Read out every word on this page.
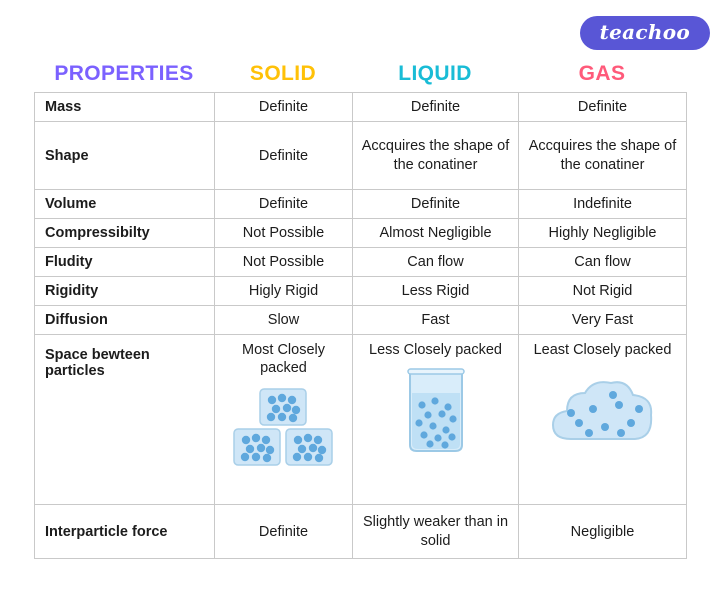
teachoo
PROPERTIES	SOLID	LIQUID	GAS
Mass	Definite	Definite	Definite
Shape	Definite	Accquires the shape of the conatiner	Accquires the shape of the conatiner
Volume	Definite	Definite	Indefinite
Compressibilty	Not Possible	Almost Negligible	Highly Negligible
Fludity	Not Possible	Can flow	Can flow
Rigidity	Higly Rigid	Less Rigid	Not Rigid
Diffusion	Slow	Fast	Very Fast
Space bewteen particles	Most Closely packed	Less Closely packed	Least Closely packed

Interparticle force	Definite	Slightly weaker than in solid	Negligible
